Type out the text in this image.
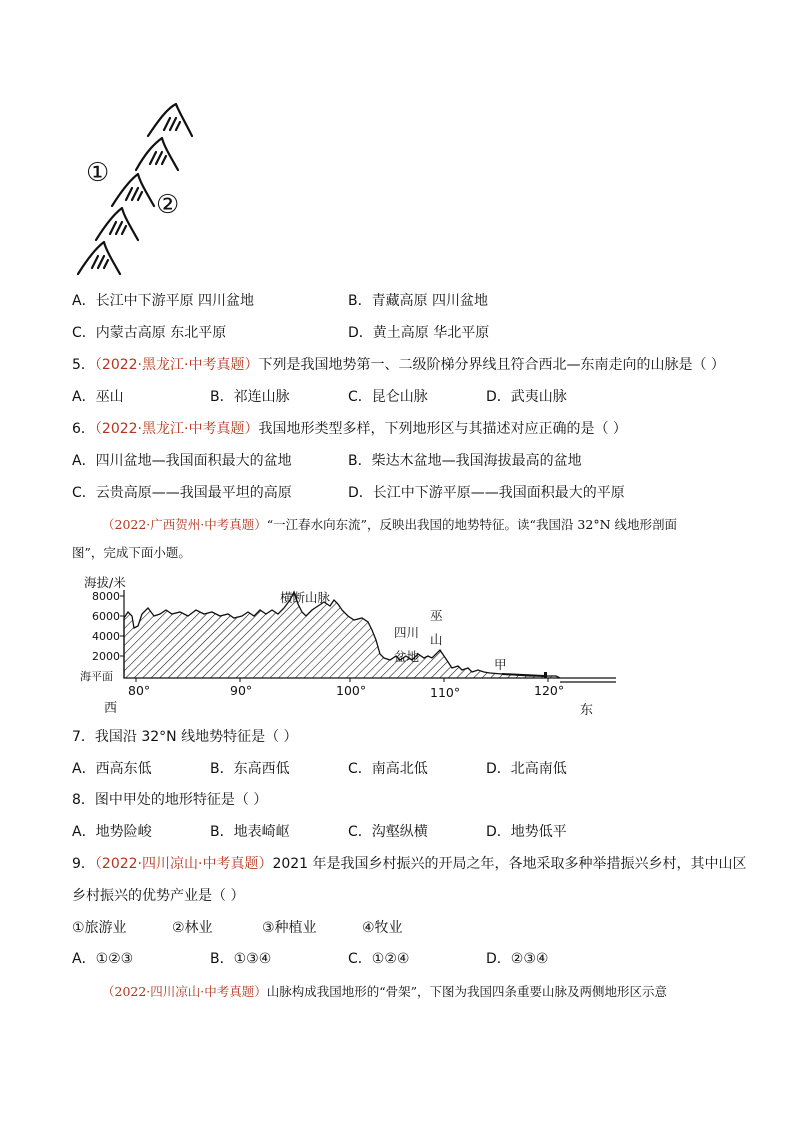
①
②
A．长江中下游平原 四川盆地	B．青藏高原 四川盆地
C．内蒙古高原 东北平原	D．黄土高原 华北平原
5．（2022·黑龙江·中考真题）下列是我国地势第一、二级阶梯分界线且符合西北—东南走向的山脉是（ ）
A．巫山	B．祁连山脉	C．昆仑山脉	D．武夷山脉
6．（2022·黑龙江·中考真题）我国地形类型多样，下列地形区与其描述对应正确的是（ ）
A．四川盆地—我国面积最大的盆地	B．柴达木盆地—我国海拔最高的盆地
C．云贵高原——我国最平坦的高原	D．长江中下游平原——我国面积最大的平原
（2022·广西贺州·中考真题）“一江春水向东流”，反映出我国的地势特征。读“我国沿 32°N 线地形剖面
图”，完成下面小题。
海拔/米
8000
6000
4000
2000
海平面
80°	90°	100°	110°	120°
西	东
横断山脉
四川
盆地
巫
山
甲
7．我国沿 32°N 线地势特征是（ ）
A．西高东低	B．东高西低	C．南高北低	D．北高南低
8．图中甲处的地形特征是（ ）
A．地势险峻	B．地表崎岖	C．沟壑纵横	D．地势低平
9．（2022·四川凉山·中考真题）2021 年是我国乡村振兴的开局之年，各地采取多种举措振兴乡村，其中山区
乡村振兴的优势产业是（ ）
①旅游业	②林业	③种植业	④牧业
A．①②③	B．①③④	C．①②④	D．②③④
（2022·四川凉山·中考真题）山脉构成我国地形的“骨架”，下图为我国四条重要山脉及两侧地形区示意
